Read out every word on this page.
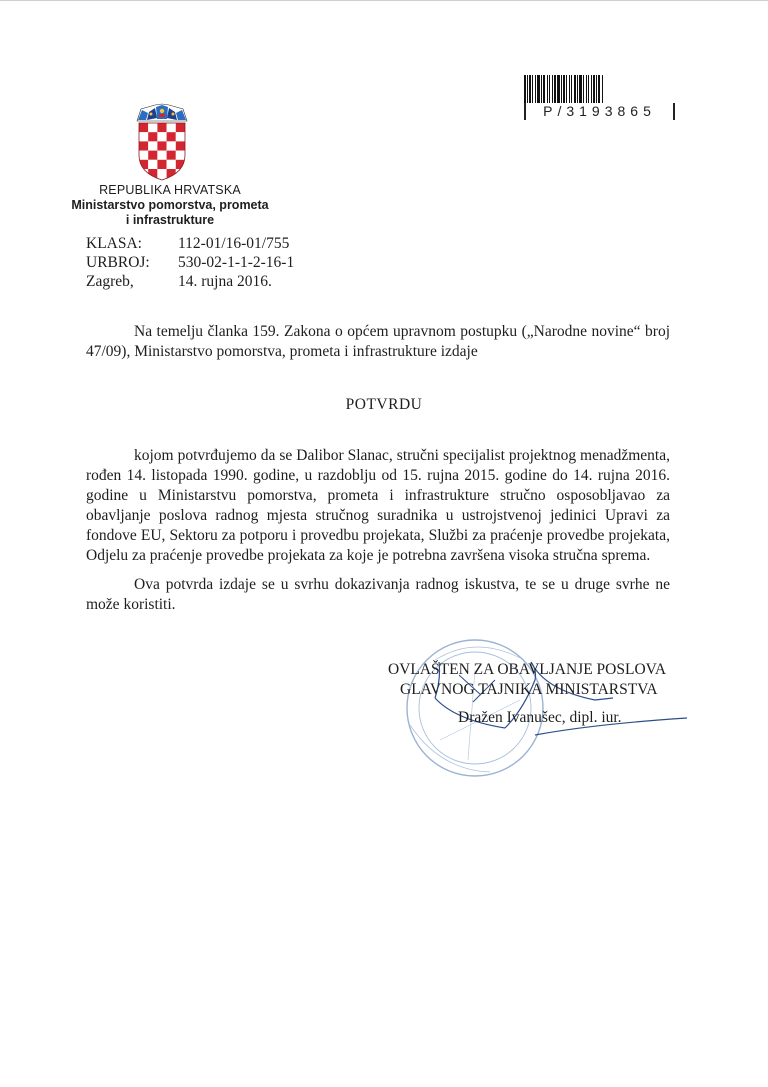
P/3193865
REPUBLIKA HRVATSKA
Ministarstvo pomorstva, prometa
i infrastrukture
KLASA:	112-01/16-01/755
URBROJ:	530-02-1-1-2-16-1
Zagreb,	14. rujna 2016.
Na temelju članka 159. Zakona o općem upravnom postupku („Narodne novine“ broj 47/09), Ministarstvo pomorstva, prometa i infrastrukture izdaje
POTVRDU
kojom potvrđujemo da se Dalibor Slanac, stručni specijalist projektnog menadžmenta, rođen 14. listopada 1990. godine, u razdoblju od 15. rujna 2015. godine do 14. rujna 2016. godine u Ministarstvu pomorstva, prometa i infrastrukture stručno osposobljavao za obavljanje poslova radnog mjesta stručnog suradnika u ustrojstvenoj jedinici Upravi za fondove EU, Sektoru za potporu i provedbu projekata, Službi za praćenje provedbe projekata, Odjelu za praćenje provedbe projekata za koje je potrebna završena visoka stručna sprema.
Ova potvrda izdaje se u svrhu dokazivanja radnog iskustva, te se u druge svrhe ne može koristiti.
OVLAŠTEN ZA OBAVLJANJE POSLOVA
GLAVNOG TAJNIKA MINISTARSTVA
Dražen Ivanušec, dipl. iur.
